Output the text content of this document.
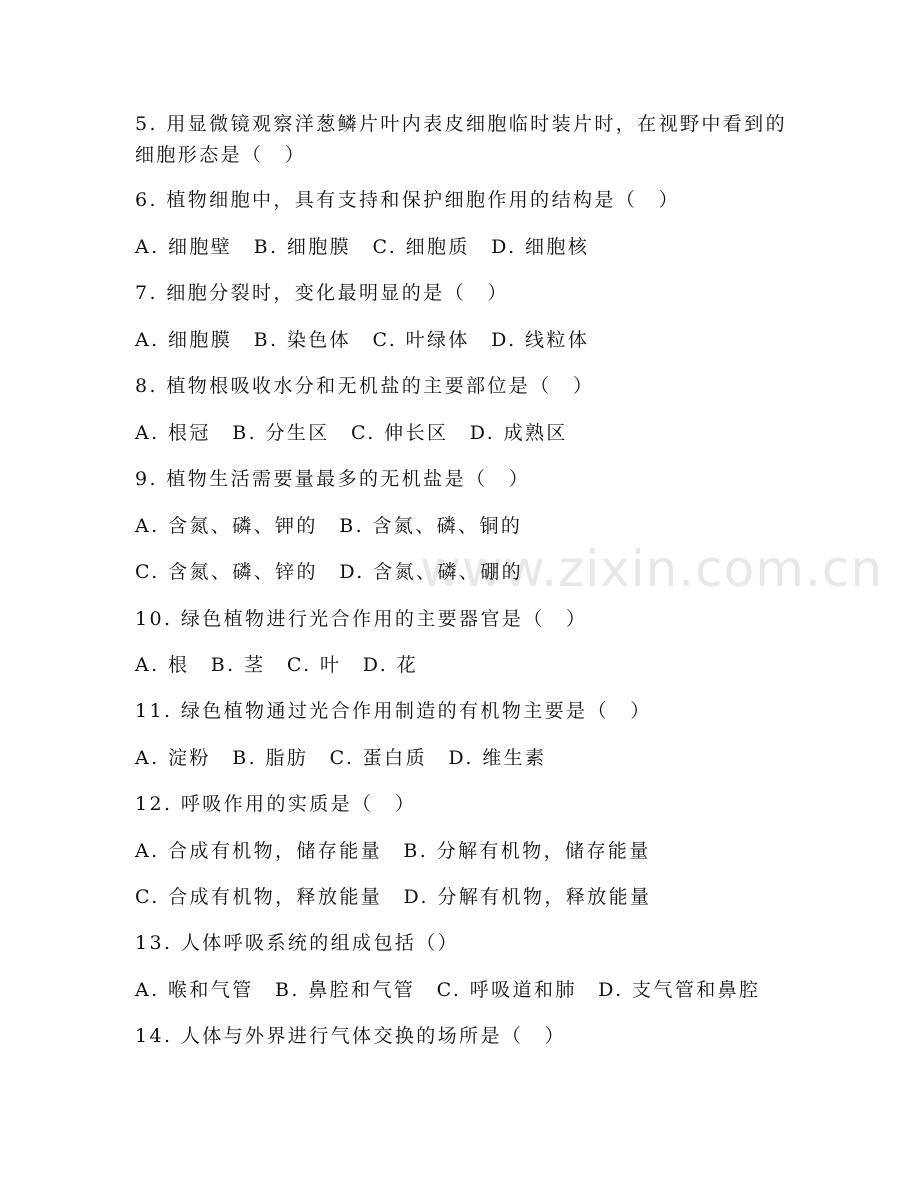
www.zixin.com.cn
5. 用显微镜观察洋葱鳞片叶内表皮细胞临时装片时，在视野中看到的
细胞形态是（　）
6. 植物细胞中，具有支持和保护细胞作用的结构是（　）
A. 细胞壁　B. 细胞膜　C. 细胞质　D. 细胞核
7. 细胞分裂时，变化最明显的是（　）
A. 细胞膜　B. 染色体　C. 叶绿体　D. 线粒体
8. 植物根吸收水分和无机盐的主要部位是（　）
A. 根冠　B. 分生区　C. 伸长区　D. 成熟区
9. 植物生活需要量最多的无机盐是（　）
A. 含氮、磷、钾的　B. 含氮、磷、铜的
C. 含氮、磷、锌的　D. 含氮、磷、硼的
10. 绿色植物进行光合作用的主要器官是（　）
A. 根　B. 茎　C. 叶　D. 花
11. 绿色植物通过光合作用制造的有机物主要是（　）
A. 淀粉　B. 脂肪　C. 蛋白质　D. 维生素
12. 呼吸作用的实质是（　）
A. 合成有机物，储存能量　B. 分解有机物，储存能量
C. 合成有机物，释放能量　D. 分解有机物，释放能量
13. 人体呼吸系统的组成包括（）
A. 喉和气管　B. 鼻腔和气管　C. 呼吸道和肺　D. 支气管和鼻腔
14. 人体与外界进行气体交换的场所是（　）
